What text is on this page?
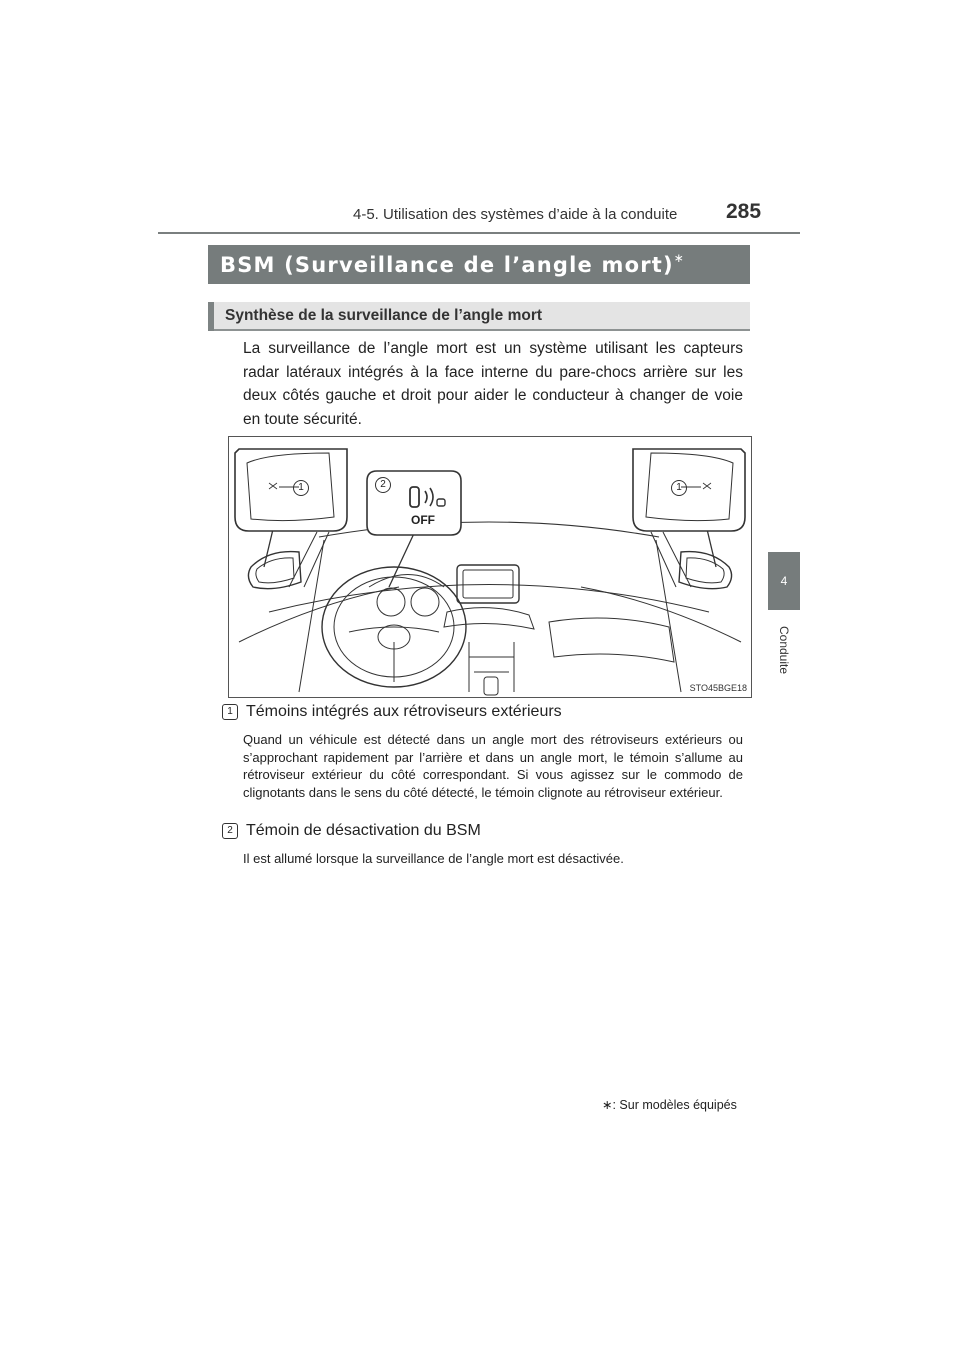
4-5. Utilisation des systèmes d’aide à la conduite 285
4
Conduite
BSM (Surveillance de l’angle mort)∗
Synthèse de la surveillance de l’angle mort
La surveillance de l’angle mort est un système utilisant les capteurs radar latéraux intégrés à la face interne du pare-chocs arrière sur les deux côtés gauche et droit pour aider le conducteur à changer de voie en toute sécurité.
1	1
2
OFF
STO45BGE18
1 Témoins intégrés aux rétroviseurs extérieurs
Quand un véhicule est détecté dans un angle mort des rétroviseurs extérieurs ou s’approchant rapidement par l’arrière et dans un angle mort, le témoin s’allume au rétroviseur extérieur du côté correspondant. Si vous agissez sur le commodo de clignotants dans le sens du côté détecté, le témoin clignote au rétroviseur extérieur.
2 Témoin de désactivation du BSM
Il est allumé lorsque la surveillance de l’angle mort est désactivée.
∗: Sur modèles équipés
